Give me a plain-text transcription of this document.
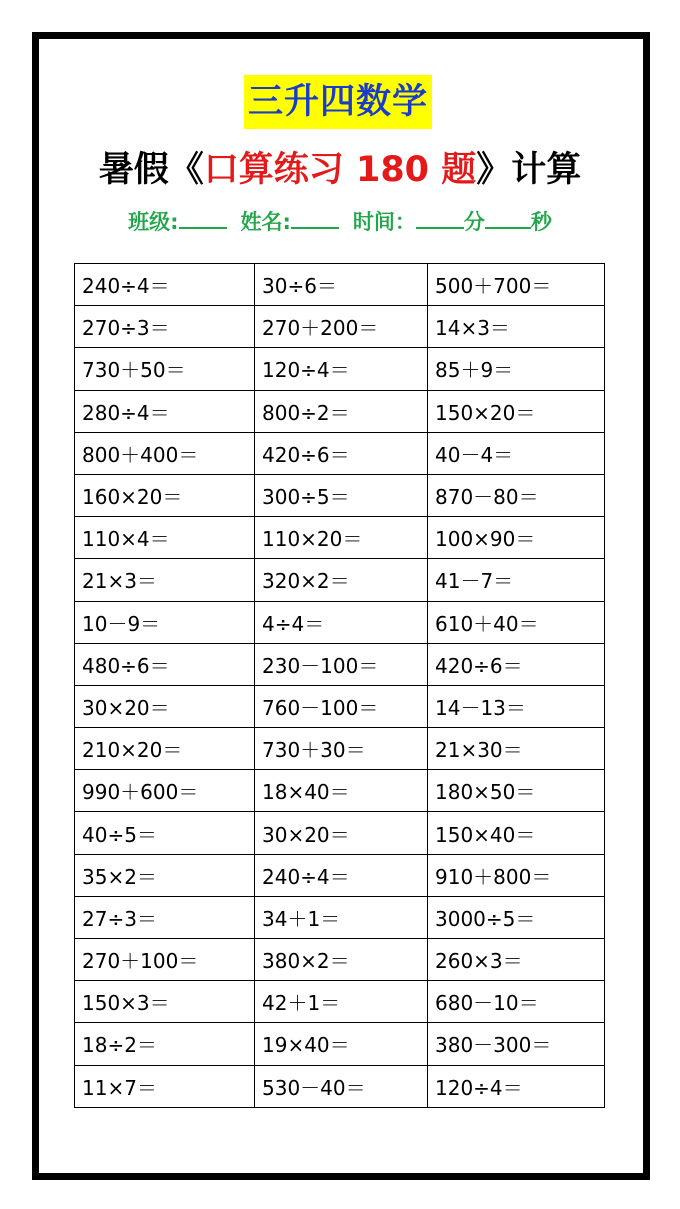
三升四数学
暑假《口算练习 180 题》计算
班级:	姓名:	时间： 分 秒
240÷4＝	30÷6＝	500＋700＝
270÷3＝	270＋200＝	14×3＝
730＋50＝	120÷4＝	85＋9＝
280÷4＝	800÷2＝	150×20＝
800＋400＝	420÷6＝	40－4＝
160×20＝	300÷5＝	870－80＝
110×4＝	110×20＝	100×90＝
21×3＝	320×2＝	41－7＝
10－9＝	4÷4＝	610＋40＝
480÷6＝	230－100＝	420÷6＝
30×20＝	760－100＝	14－13＝
210×20＝	730＋30＝	21×30＝
990＋600＝	18×40＝	180×50＝
40÷5＝	30×20＝	150×40＝
35×2＝	240÷4＝	910＋800＝
27÷3＝	34＋1＝	3000÷5＝
270＋100＝	380×2＝	260×3＝
150×3＝	42＋1＝	680－10＝
18÷2＝	19×40＝	380－300＝
11×7＝	530－40＝	120÷4＝
